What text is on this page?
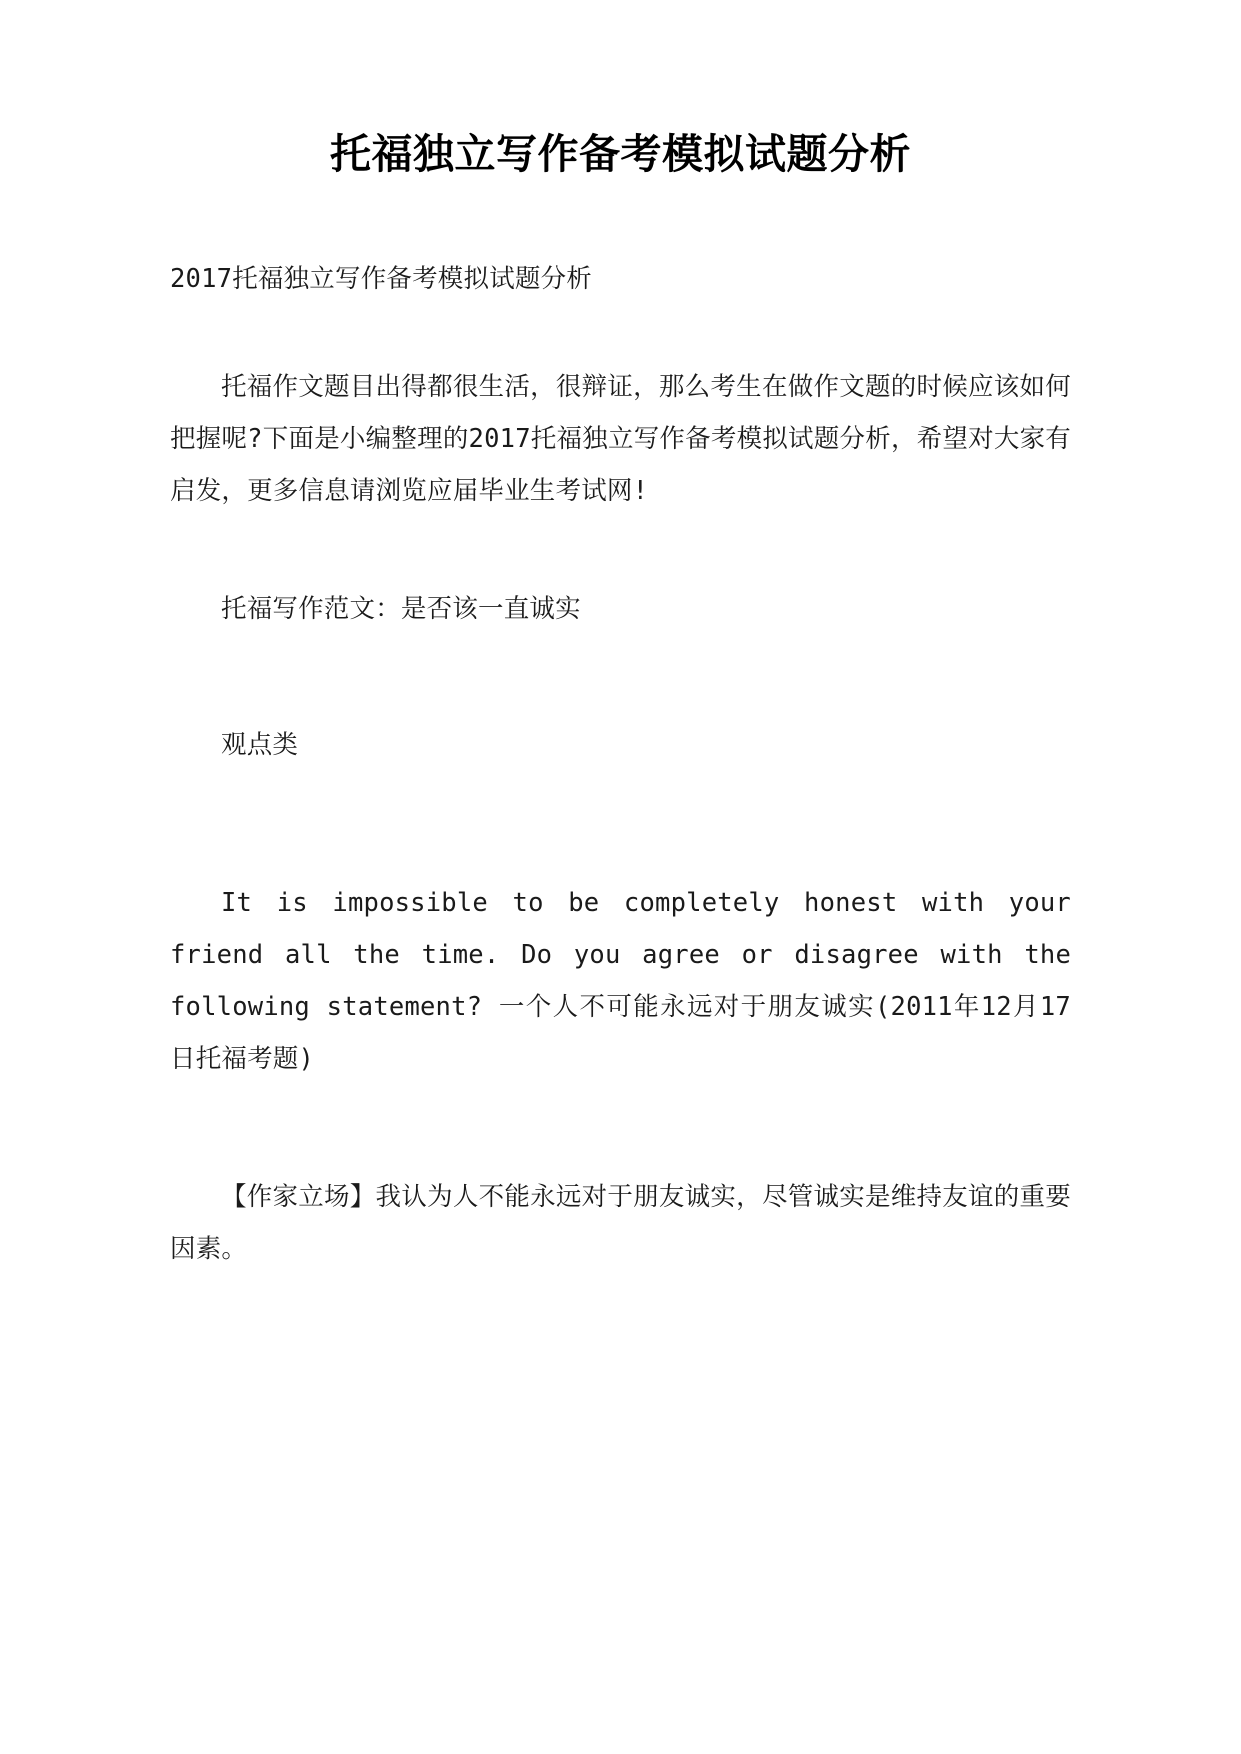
托福独立写作备考模拟试题分析

2017托福独立写作备考模拟试题分析

托福作文题目出得都很生活，很辩证，那么考生在做作文题的时候应该如何把握呢?下面是小编整理的2017托福独立写作备考模拟试题分析，希望对大家有启发，更多信息请浏览应届毕业生考试网!

托福写作范文：是否该一直诚实

观点类

It is impossible to be completely honest with your friend all the time. Do you agree or disagree with the following statement? 一个人不可能永远对于朋友诚实(2011年12月17日托福考题)

【作家立场】我认为人不能永远对于朋友诚实，尽管诚实是维持友谊的重要因素。
